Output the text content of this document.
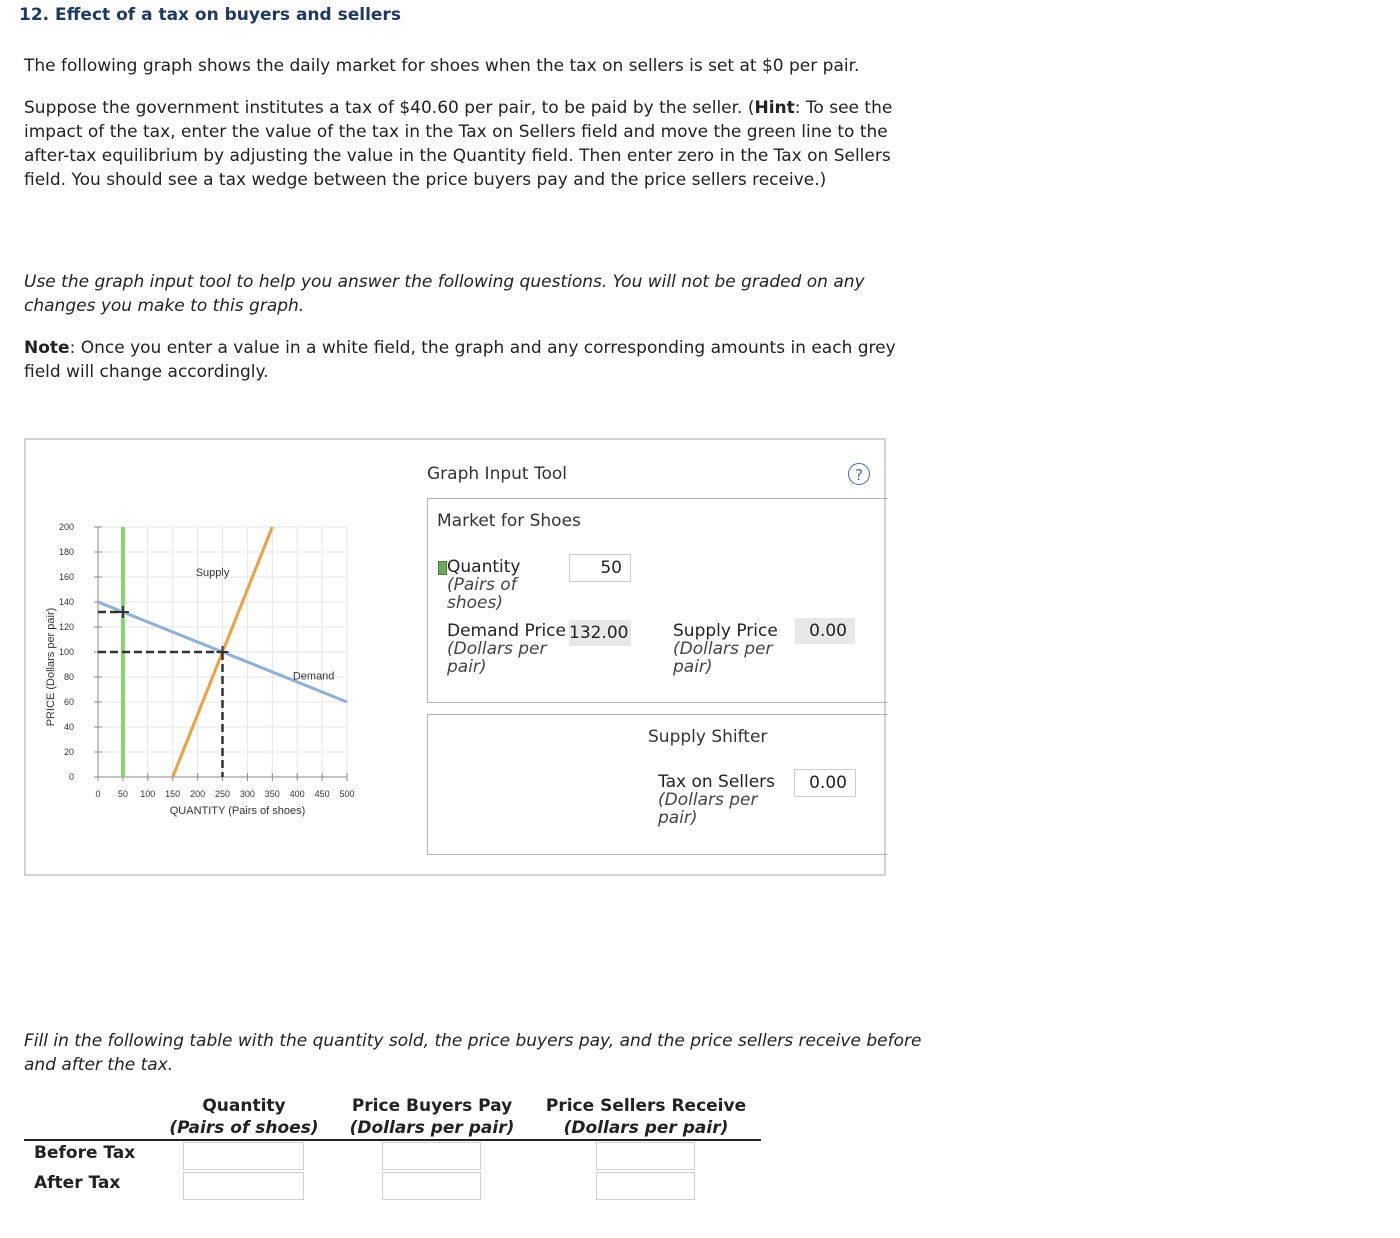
12. Effect of a tax on buyers and sellers

The following graph shows the daily market for shoes when the tax on sellers is set at $0 per pair.

Suppose the government institutes a tax of $40.60 per pair, to be paid by the seller. (Hint: To see the impact of the tax, enter the value of the tax in the Tax on Sellers field and move the green line to the after-tax equilibrium by adjusting the value in the Quantity field. Then enter zero in the Tax on Sellers field. You should see a tax wedge between the price buyers pay and the price sellers receive.)

Use the graph input tool to help you answer the following questions. You will not be graded on any changes you make to this graph.

Note: Once you enter a value in a white field, the graph and any corresponding amounts in each grey field will change accordingly.

0
20
40
60
80
100
120
140
160
180
200
0 50 100 150 200 250 300 350 400 450 500
QUANTITY (Pairs of shoes)
PRICE (Dollars per pair)
Supply
Demand
Graph Input Tool	?
Market for Shoes
Quantity
(Pairs of shoes)
50
Demand Price
(Dollars per pair)
132.00	Supply Price
(Dollars per pair)
0.00
Supply Shifter
Tax on Sellers
(Dollars per pair)
0.00

Fill in the following table with the quantity sold, the price buyers pay, and the price sellers receive before and after the tax.

Quantity
(Pairs of shoes)
Price Buyers Pay
(Dollars per pair)
Price Sellers Receive
(Dollars per pair)
Before Tax
After Tax
